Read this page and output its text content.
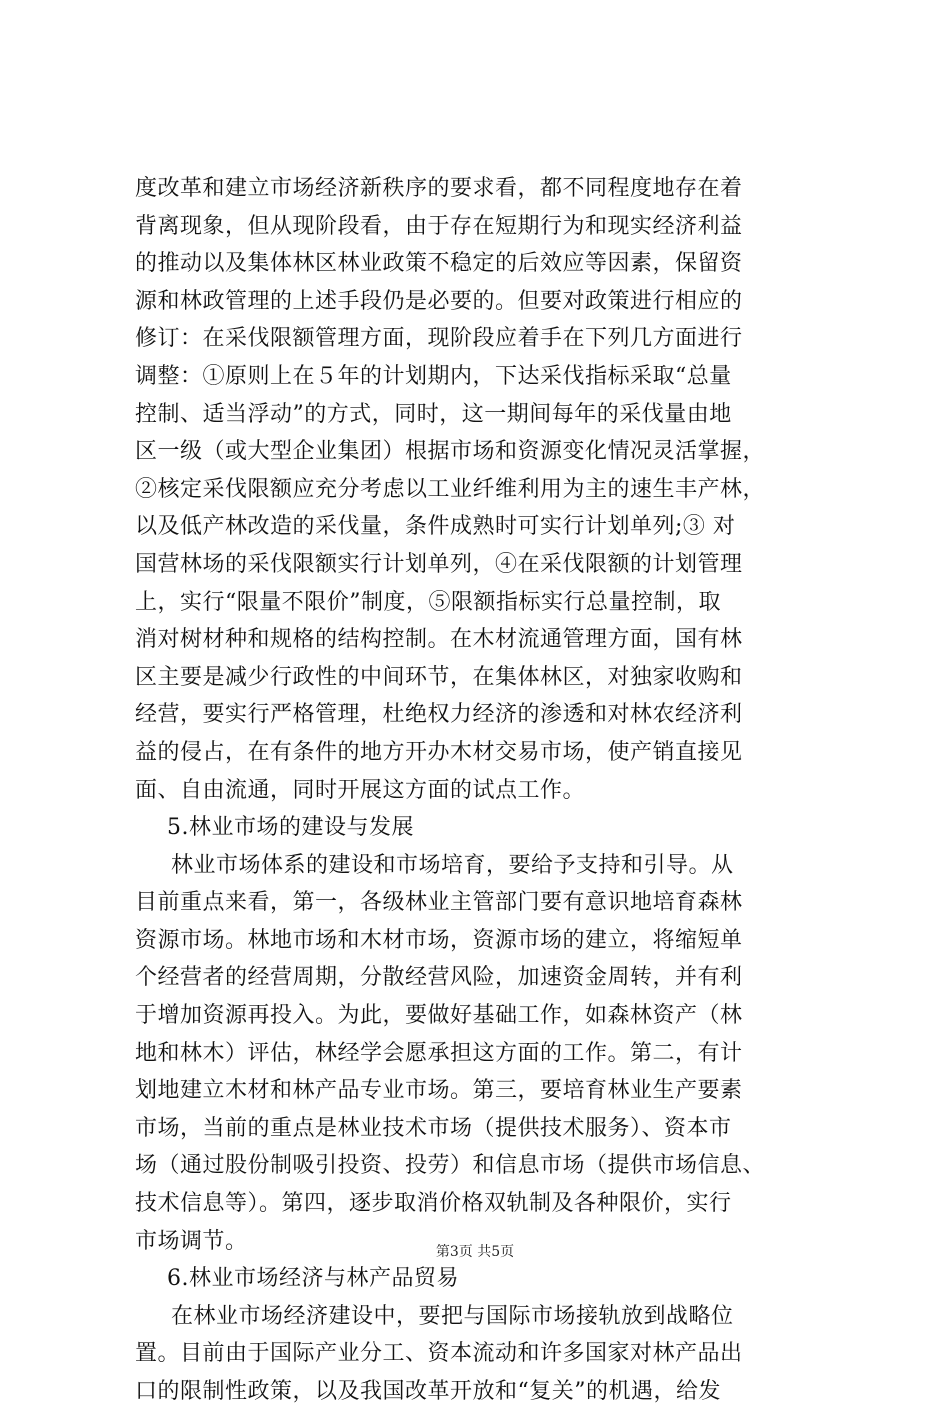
度改革和建立市场经济新秩序的要求看，都不同程度地存在着
背离现象，但从现阶段看，由于存在短期行为和现实经济利益
的推动以及集体林区林业政策不稳定的后效应等因素，保留资
源和林政管理的上述手段仍是必要的。但要对政策进行相应的
修订：在采伐限额管理方面，现阶段应着手在下列几方面进行
调整：①原则上在５年的计划期内，下达采伐指标采取“总量
控制、适当浮动”的方式，同时，这一期间每年的采伐量由地
区一级（或大型企业集团）根据市场和资源变化情况灵活掌握，
②核定采伐限额应充分考虑以工业纤维利用为主的速生丰产林，
以及低产林改造的采伐量，条件成熟时可实行计划单列;③ 对
国营林场的采伐限额实行计划单列，④在采伐限额的计划管理
上，实行“限量不限价”制度，⑤限额指标实行总量控制，取
消对树材种和规格的结构控制。在木材流通管理方面，国有林
区主要是减少行政性的中间环节，在集体林区，对独家收购和
经营，要实行严格管理，杜绝权力经济的渗透和对林农经济利
益的侵占，在有条件的地方开办木材交易市场，使产销直接见
面、自由流通，同时开展这方面的试点工作。
5.林业市场的建设与发展
林业市场体系的建设和市场培育，要给予支持和引导。从
目前重点来看，第一，各级林业主管部门要有意识地培育森林
资源市场。林地市场和木材市场，资源市场的建立，将缩短单
个经营者的经营周期，分散经营风险，加速资金周转，并有利
于增加资源再投入。为此，要做好基础工作，如森林资产（林
地和林木）评估，林经学会愿承担这方面的工作。第二，有计
划地建立木材和林产品专业市场。第三，要培育林业生产要素
市场，当前的重点是林业技术市场（提供技术服务）、资本市
场（通过股份制吸引投资、投劳）和信息市场（提供市场信息、
技术信息等）。第四，逐步取消价格双轨制及各种限价，实行
市场调节。
6.林业市场经济与林产品贸易
在林业市场经济建设中，要把与国际市场接轨放到战略位
置。目前由于国际产业分工、资本流动和许多国家对林产品出
口的限制性政策，以及我国改革开放和“复关”的机遇，给发
第3页 共5页
